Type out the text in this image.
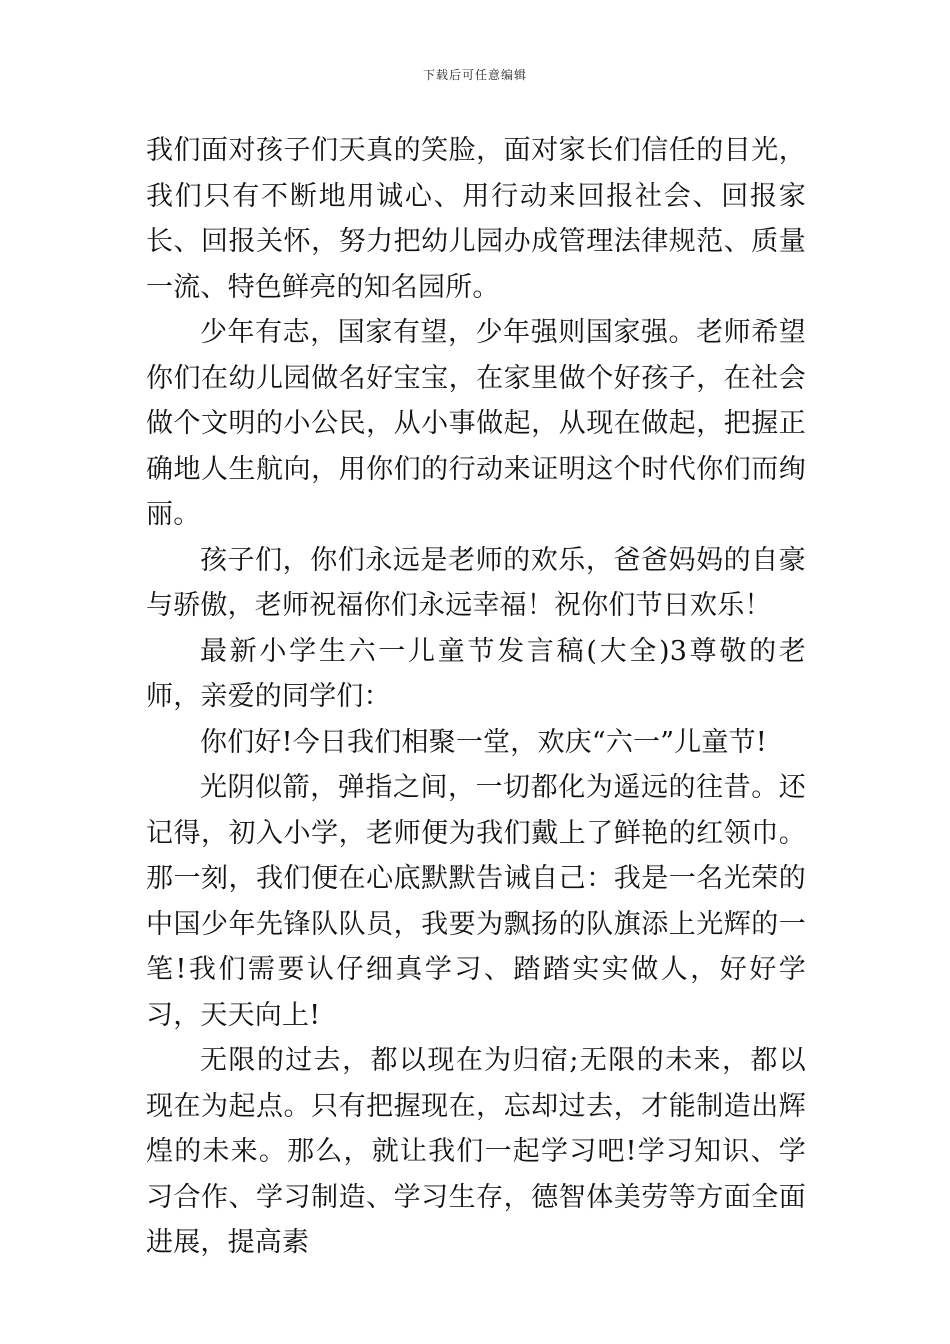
下载后可任意编辑

我们面对孩子们天真的笑脸，面对家长们信任的目光，我们只有不断地用诚心、用行动来回报社会、回报家长、回报关怀，努力把幼儿园办成管理法律规范、质量一流、特色鲜亮的知名园所。

少年有志，国家有望，少年强则国家强。老师希望你们在幼儿园做名好宝宝，在家里做个好孩子，在社会做个文明的小公民，从小事做起，从现在做起，把握正确地人生航向，用你们的行动来证明这个时代你们而绚丽。

孩子们，你们永远是老师的欢乐，爸爸妈妈的自豪与骄傲，老师祝福你们永远幸福！祝你们节日欢乐！

最新小学生六一儿童节发言稿(大全)3尊敬的老师，亲爱的同学们：

你们好!今日我们相聚一堂，欢庆“六一”儿童节!

光阴似箭，弹指之间，一切都化为遥远的往昔。还记得，初入小学，老师便为我们戴上了鲜艳的红领巾。那一刻，我们便在心底默默告诫自己：我是一名光荣的中国少年先锋队队员，我要为飘扬的队旗添上光辉的一笔!我们需要认仔细真学习、踏踏实实做人，好好学习，天天向上!

无限的过去，都以现在为归宿;无限的未来，都以现在为起点。只有把握现在，忘却过去，才能制造出辉煌的未来。那么，就让我们一起学习吧!学习知识、学习合作、学习制造、学习生存，德智体美劳等方面全面进展，提高素
